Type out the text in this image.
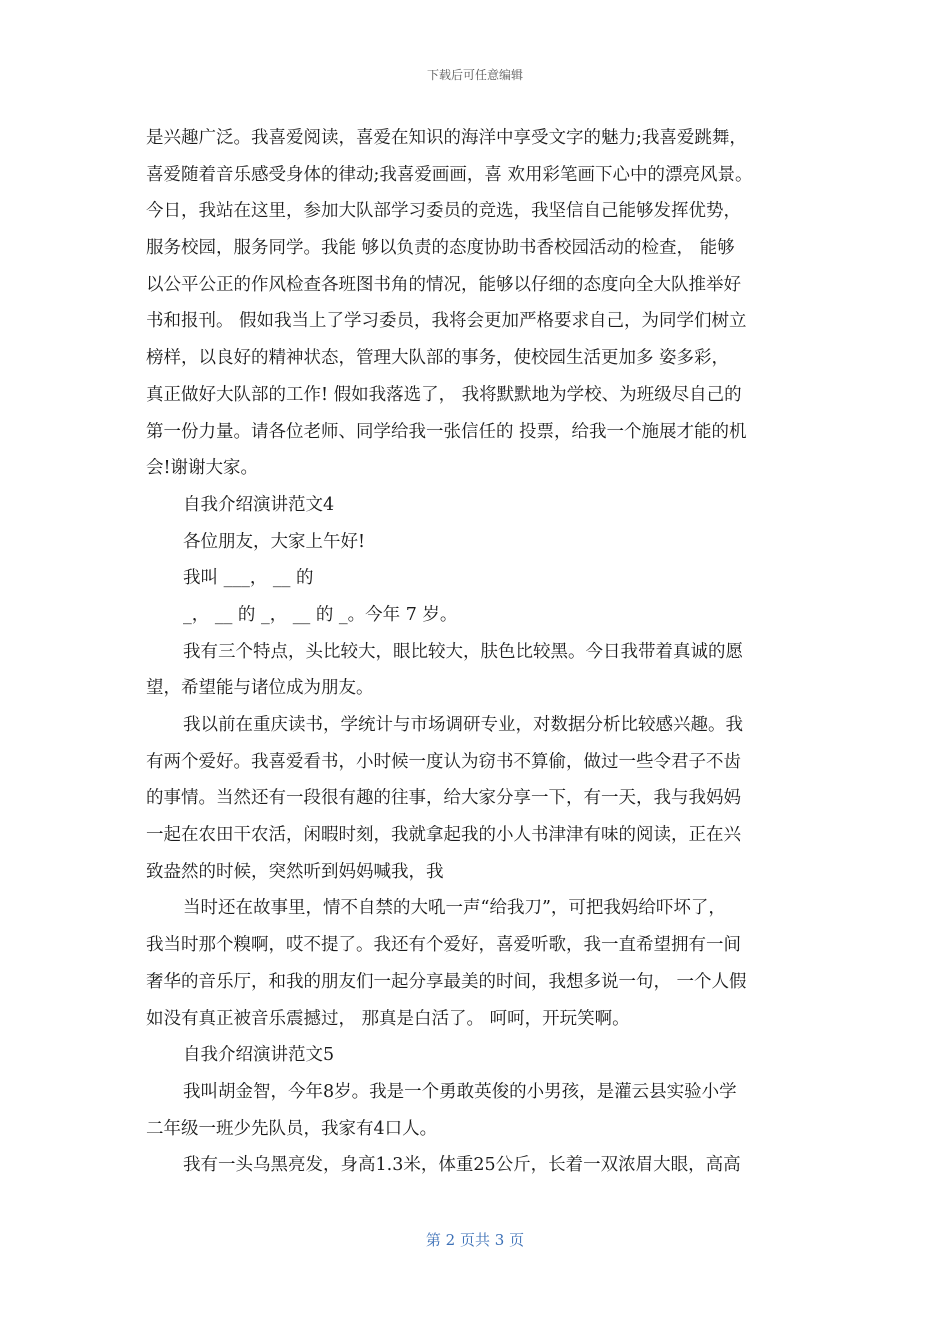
下载后可任意编辑
是兴趣广泛。我喜爱阅读，喜爱在知识的海洋中享受文字的魅力;我喜爱跳舞，
喜爱随着音乐感受身体的律动;我喜爱画画，喜 欢用彩笔画下心中的漂亮风景。
今日，我站在这里，参加大队部学习委员的竞选，我坚信自己能够发挥优势，
服务校园，服务同学。我能 够以负责的态度协助书香校园活动的检查， 能够
以公平公正的作风检查各班图书角的情况，能够以仔细的态度向全大队推举好
书和报刊。 假如我当上了学习委员，我将会更加严格要求自己，为同学们树立
榜样，以良好的精神状态，管理大队部的事务，使校园生活更加多 姿多彩，
真正做好大队部的工作! 假如我落选了， 我将默默地为学校、为班级尽自己的
第一份力量。请各位老师、同学给我一张信任的 投票，给我一个施展才能的机
会!谢谢大家。
自我介绍演讲范文4
各位朋友，大家上午好!
我叫 ___， __ 的
_， __ 的 _， __ 的 _。今年 7 岁。
我有三个特点，头比较大，眼比较大，肤色比较黑。今日我带着真诚的愿
望，希望能与诸位成为朋友。
我以前在重庆读书，学统计与市场调研专业，对数据分析比较感兴趣。我
有两个爱好。我喜爱看书，小时候一度认为窃书不算偷，做过一些令君子不齿
的事情。当然还有一段很有趣的往事，给大家分享一下，有一天，我与我妈妈
一起在农田干农活，闲暇时刻，我就拿起我的小人书津津有味的阅读，正在兴
致盎然的时候，突然听到妈妈喊我，我
当时还在故事里，情不自禁的大吼一声“给我刀”，可把我妈给吓坏了，
我当时那个糗啊，哎不提了。我还有个爱好，喜爱听歌，我一直希望拥有一间
奢华的音乐厅，和我的朋友们一起分享最美的时间，我想多说一句， 一个人假
如没有真正被音乐震撼过， 那真是白活了。 呵呵，开玩笑啊。
自我介绍演讲范文5
我叫胡金智，今年8岁。我是一个勇敢英俊的小男孩，是灌云县实验小学
二年级一班少先队员，我家有4口人。
我有一头乌黑亮发，身高1.3米，体重25公斤，长着一双浓眉大眼，高高
第 2 页共 3 页
